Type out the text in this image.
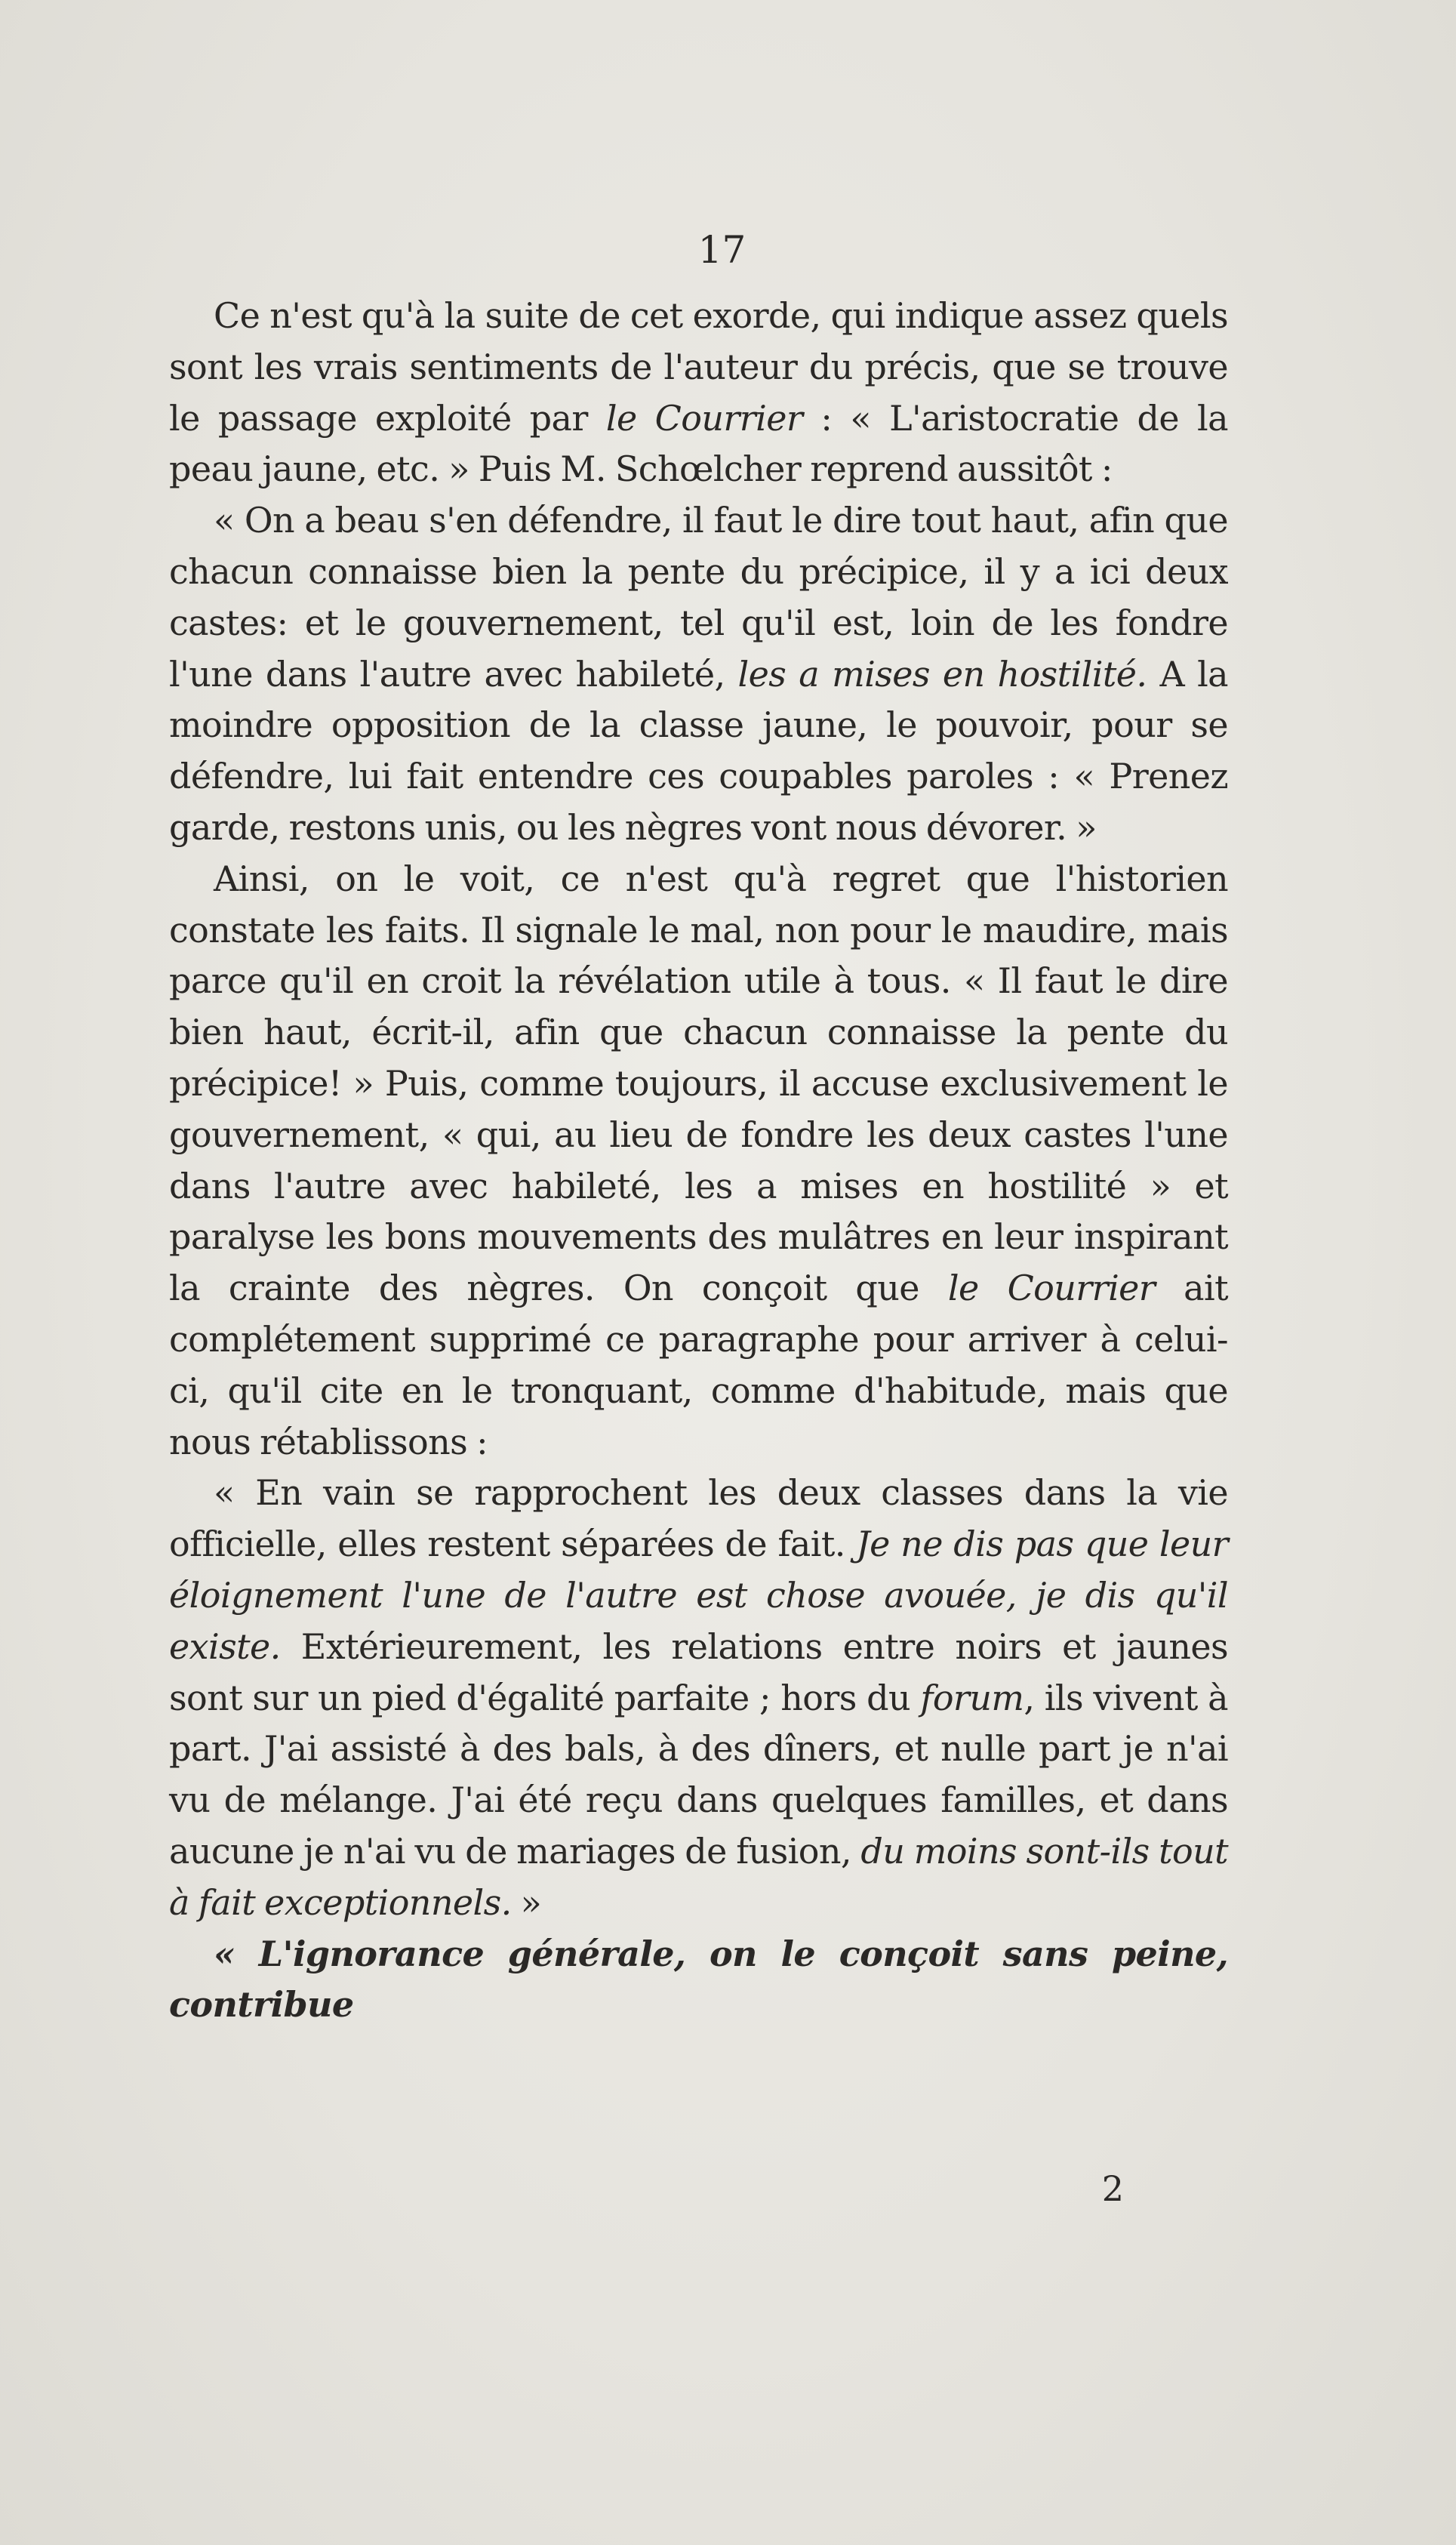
17

Ce n'est qu'à la suite de cet exorde, qui indique assez quels sont les vrais sentiments de l'auteur du précis, que se trouve le passage exploité par le Courrier : « L'aristocratie de la peau jaune, etc. » Puis M. Schœlcher reprend aussitôt :

« On a beau s'en défendre, il faut le dire tout haut, afin que chacun connaisse bien la pente du précipice, il y a ici deux castes: et le gouvernement, tel qu'il est, loin de les fondre l'une dans l'autre avec habileté, les a mises en hostilité. A la moindre opposition de la classe jaune, le pouvoir, pour se défendre, lui fait entendre ces coupables paroles : « Prenez garde, restons unis, ou les nègres vont nous dévorer. »

Ainsi, on le voit, ce n'est qu'à regret que l'historien constate les faits. Il signale le mal, non pour le maudire, mais parce qu'il en croit la révélation utile à tous. « Il faut le dire bien haut, écrit-il, afin que chacun connaisse la pente du précipice! » Puis, comme toujours, il accuse exclusivement le gouvernement, « qui, au lieu de fondre les deux castes l'une dans l'autre avec habileté, les a mises en hostilité » et paralyse les bons mouvements des mulâtres en leur inspirant la crainte des nègres. On conçoit que le Courrier ait complétement supprimé ce paragraphe pour arriver à celui-ci, qu'il cite en le tronquant, comme d'habitude, mais que nous rétablissons :

« En vain se rapprochent les deux classes dans la vie officielle, elles restent séparées de fait. Je ne dis pas que leur éloignement l'une de l'autre est chose avouée, je dis qu'il existe. Extérieurement, les relations entre noirs et jaunes sont sur un pied d'égalité parfaite ; hors du forum, ils vivent à part. J'ai assisté à des bals, à des dîners, et nulle part je n'ai vu de mélange. J'ai été reçu dans quelques familles, et dans aucune je n'ai vu de mariages de fusion, du moins sont-ils tout à fait exceptionnels. »

« L'ignorance générale, on le conçoit sans peine, contribue

2
